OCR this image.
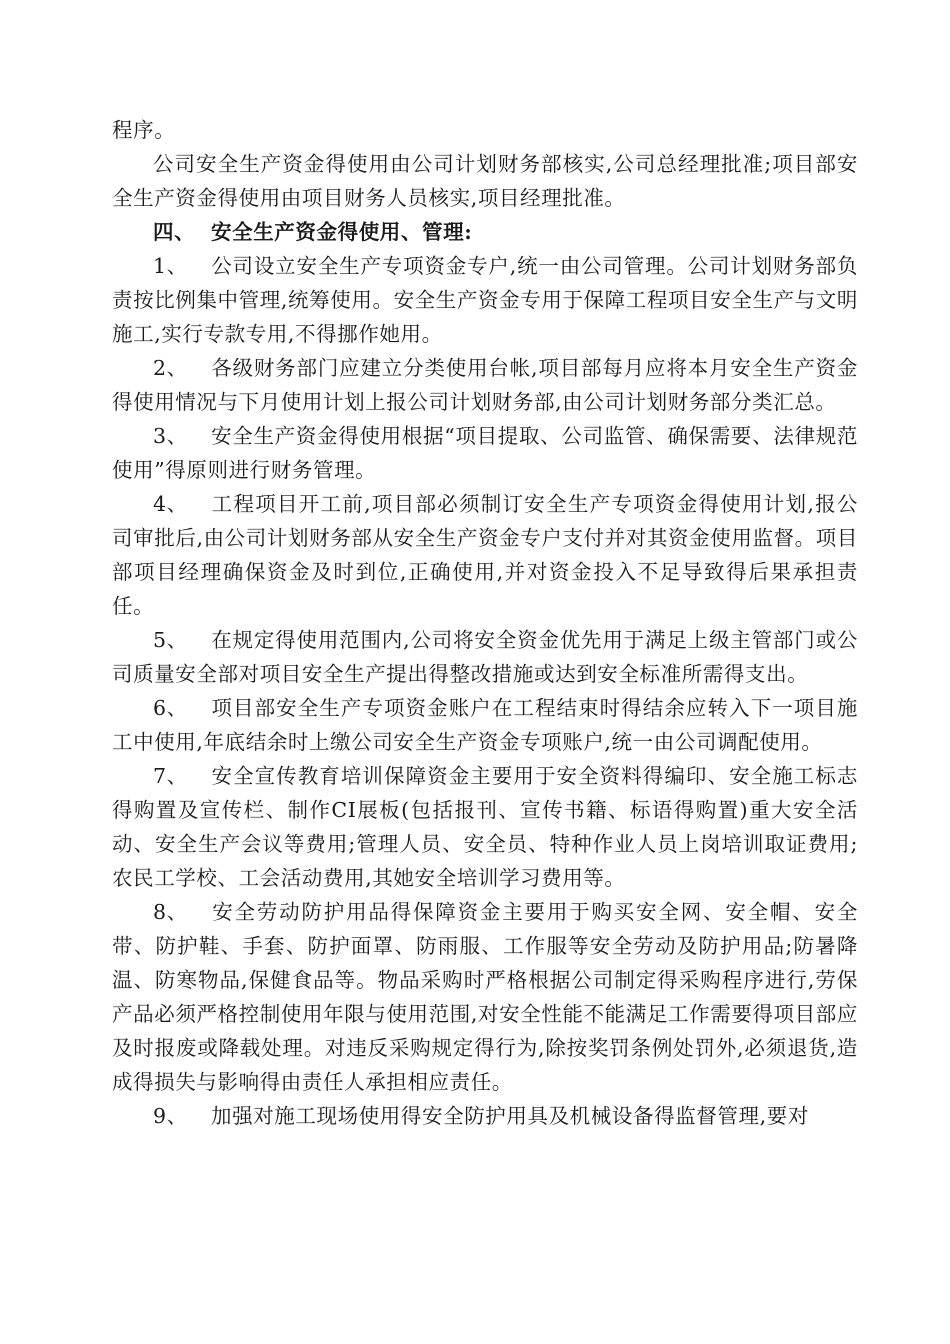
程序。

公司安全生产资金得使用由公司计划财务部核实,公司总经理批准;项目部安全生产资金得使用由项目财务人员核实,项目经理批准。

四、 安全生产资金得使用、管理:

1、 公司设立安全生产专项资金专户,统一由公司管理。公司计划财务部负责按比例集中管理,统筹使用。安全生产资金专用于保障工程项目安全生产与文明施工,实行专款专用,不得挪作她用。

2、 各级财务部门应建立分类使用台帐,项目部每月应将本月安全生产资金得使用情况与下月使用计划上报公司计划财务部,由公司计划财务部分类汇总。

3、 安全生产资金得使用根据“项目提取、公司监管、确保需要、法律规范使用”得原则进行财务管理。

4、 工程项目开工前,项目部必须制订安全生产专项资金得使用计划,报公司审批后,由公司计划财务部从安全生产资金专户支付并对其资金使用监督。项目部项目经理确保资金及时到位,正确使用,并对资金投入不足导致得后果承担责任。

5、 在规定得使用范围内,公司将安全资金优先用于满足上级主管部门或公司质量安全部对项目安全生产提出得整改措施或达到安全标准所需得支出。

6、 项目部安全生产专项资金账户在工程结束时得结余应转入下一项目施工中使用,年底结余时上缴公司安全生产资金专项账户,统一由公司调配使用。

7、 安全宣传教育培训保障资金主要用于安全资料得编印、安全施工标志得购置及宣传栏、制作CI展板(包括报刊、宣传书籍、标语得购置)重大安全活动、安全生产会议等费用;管理人员、安全员、特种作业人员上岗培训取证费用;农民工学校、工会活动费用,其她安全培训学习费用等。

8、 安全劳动防护用品得保障资金主要用于购买安全网、安全帽、安全带、防护鞋、手套、防护面罩、防雨服、工作服等安全劳动及防护用品;防暑降温、防寒物品,保健食品等。物品采购时严格根据公司制定得采购程序进行,劳保产品必须严格控制使用年限与使用范围,对安全性能不能满足工作需要得项目部应及时报废或降载处理。对违反采购规定得行为,除按奖罚条例处罚外,必须退货,造成得损失与影响得由责任人承担相应责任。

9、 加强对施工现场使用得安全防护用具及机械设备得监督管理,要对
